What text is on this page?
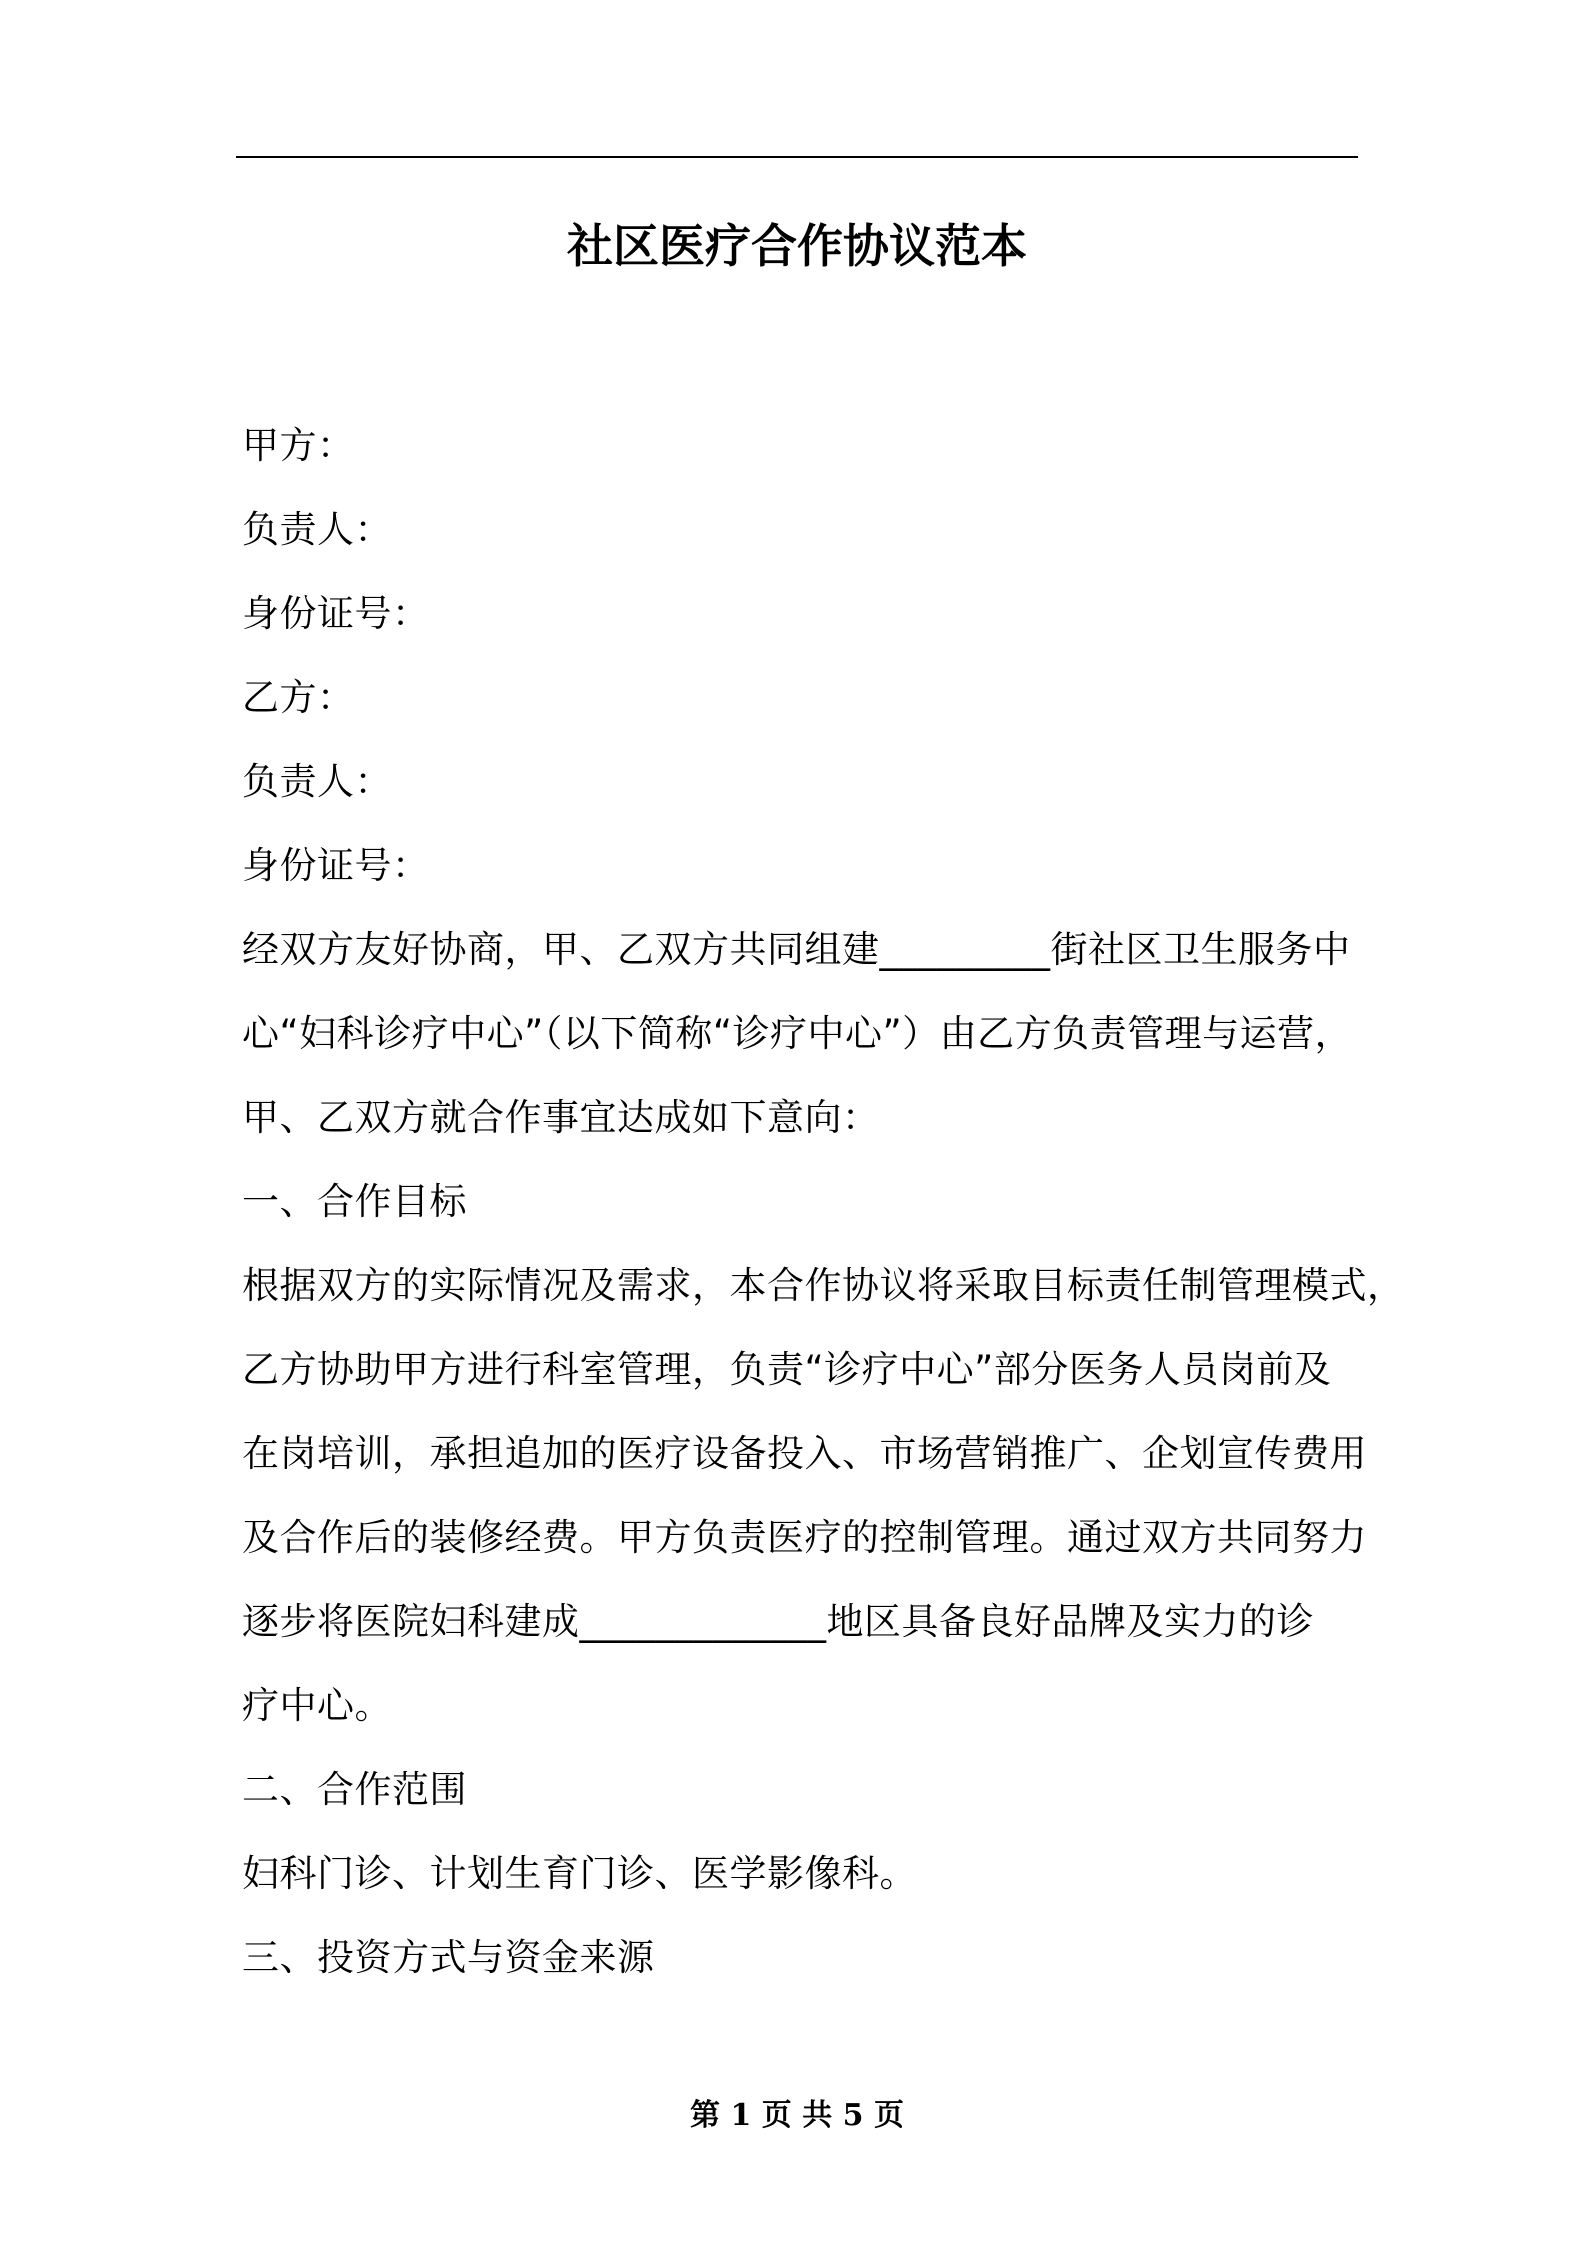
社区医疗合作协议范本
甲方：
负责人：
身份证号：
乙方：
负责人：
身份证号：
经双方友好协商，甲、乙双方共同组建_________街社区卫生服务中
心“妇科诊疗中心”（以下简称“诊疗中心”）由乙方负责管理与运营，
甲、乙双方就合作事宜达成如下意向：
一、合作目标
根据双方的实际情况及需求，本合作协议将采取目标责任制管理模式，
乙方协助甲方进行科室管理，负责“诊疗中心”部分医务人员岗前及
在岗培训，承担追加的医疗设备投入、市场营销推广、企划宣传费用
及合作后的装修经费。甲方负责医疗的控制管理。通过双方共同努力
逐步将医院妇科建成_____________地区具备良好品牌及实力的诊
疗中心。
二、合作范围
妇科门诊、计划生育门诊、医学影像科。
三、投资方式与资金来源
第 1 页 共 5 页
